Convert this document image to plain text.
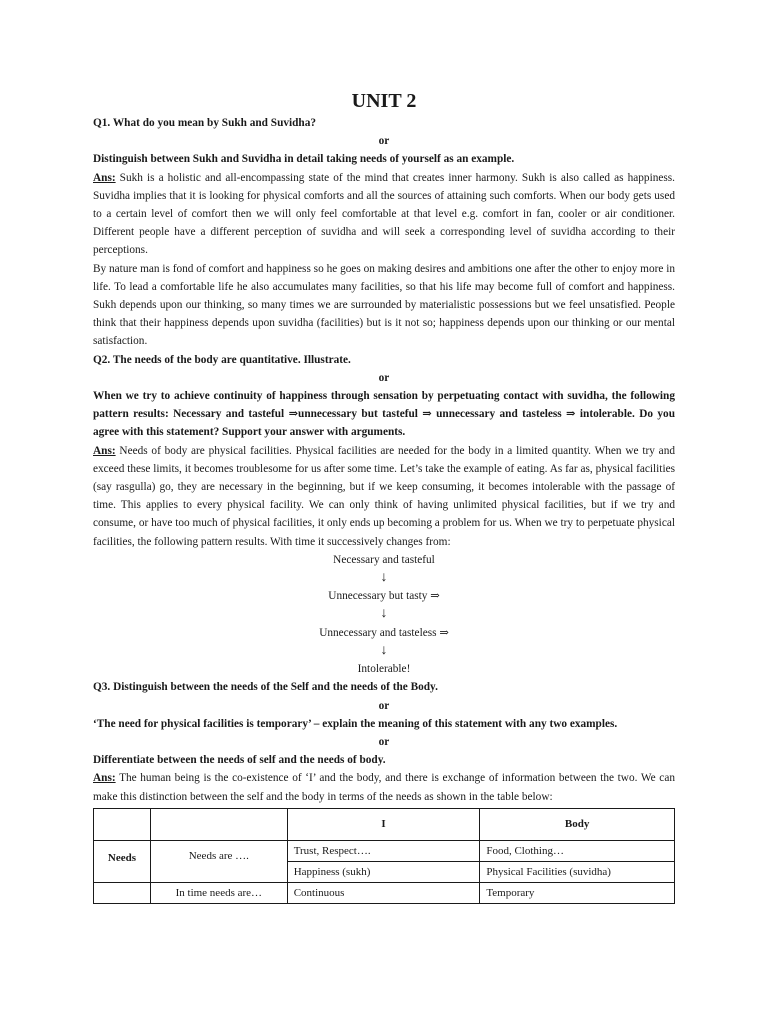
UNIT 2

Q1. What do you mean by Sukh and Suvidha?

or

Distinguish between Sukh and Suvidha in detail taking needs of yourself as an example.

Ans: Sukh is a holistic and all-encompassing state of the mind that creates inner harmony. Sukh is also called as happiness. Suvidha implies that it is looking for physical comforts and all the sources of attaining such comforts. When our body gets used to a certain level of comfort then we will only feel comfortable at that level e.g. comfort in fan, cooler or air conditioner. Different people have a different perception of suvidha and will seek a corresponding level of suvidha according to their perceptions.

By nature man is fond of comfort and happiness so he goes on making desires and ambitions one after the other to enjoy more in life. To lead a comfortable life he also accumulates many facilities, so that his life may become full of comfort and happiness. Sukh depends upon our thinking, so many times we are surrounded by materialistic possessions but we feel unsatisfied. People think that their happiness depends upon suvidha (facilities) but is it not so; happiness depends upon our thinking or our mental satisfaction.

Q2. The needs of the body are quantitative. Illustrate.

or

When we try to achieve continuity of happiness through sensation by perpetuating contact with suvidha, the following pattern results: Necessary and tasteful ⇒unnecessary but tasteful ⇒ unnecessary and tasteless ⇒ intolerable. Do you agree with this statement? Support your answer with arguments.

Ans: Needs of body are physical facilities. Physical facilities are needed for the body in a limited quantity. When we try and exceed these limits, it becomes troublesome for us after some time. Let’s take the example of eating. As far as, physical facilities (say rasgulla) go, they are necessary in the beginning, but if we keep consuming, it becomes intolerable with the passage of time. This applies to every physical facility. We can only think of having unlimited physical facilities, but if we try and consume, or have too much of physical facilities, it only ends up becoming a problem for us. When we try to perpetuate physical facilities, the following pattern results. With time it successively changes from:

Necessary and tasteful
↓
Unnecessary but tasty ⇒
↓
Unnecessary and tasteless ⇒
↓
Intolerable!

Q3. Distinguish between the needs of the Self and the needs of the Body.

or

‘The need for physical facilities is temporary’ – explain the meaning of this statement with any two examples.

or

Differentiate between the needs of self and the needs of body.

Ans: The human being is the co-existence of ‘I’ and the body, and there is exchange of information between the two. We can make this distinction between the self and the body in terms of the needs as shown in the table below:

		I	Body
Needs	Needs are ….	Trust, Respect….	Food, Clothing…
		Happiness (sukh)	Physical Facilities (suvidha)
	In time needs are…	Continuous	Temporary
